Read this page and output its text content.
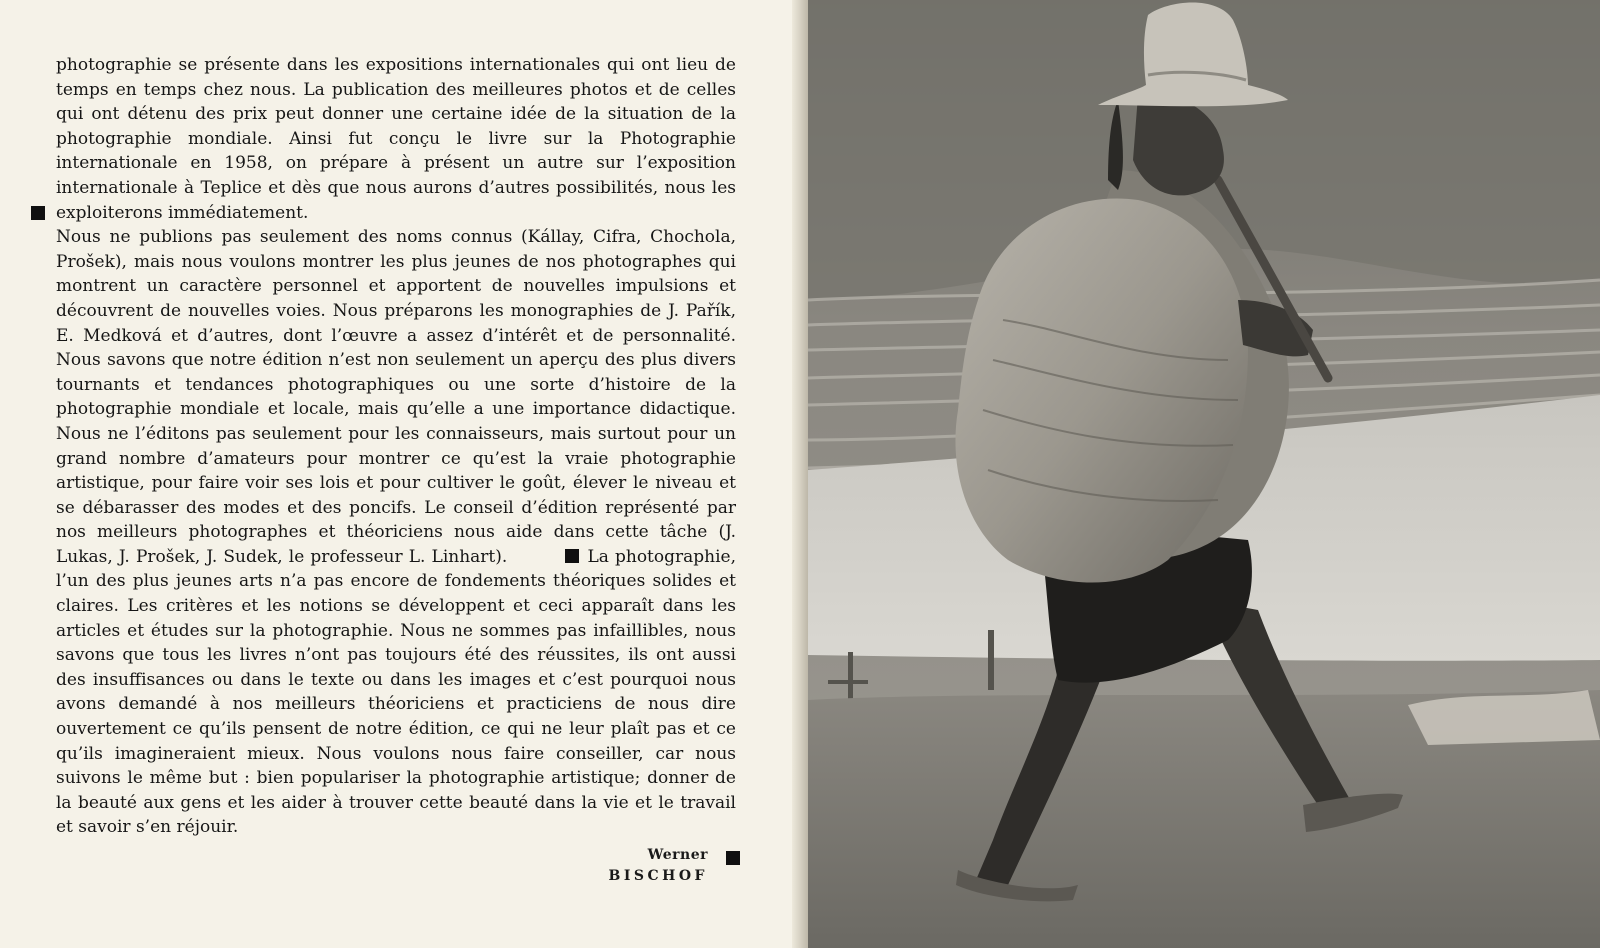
photographie se présente dans les expositions internationales qui ont lieu de temps en temps chez nous. La publication des meilleures photos et de celles qui ont détenu des prix peut donner une certaine idée de la situation de la photographie mondiale. Ainsi fut conçu le livre sur la Photographie internationale en 1958, on prépare à présent un autre sur l’exposition internationale à Teplice et dès que nous aurons d’autres possibilités, nous les exploiterons immédiatement.
Nous ne publions pas seulement des noms connus (Kállay, Cifra, Chochola, Prošek), mais nous voulons montrer les plus jeunes de nos photographes qui montrent un caractère personnel et apportent de nouvelles impulsions et découvrent de nouvelles voies. Nous préparons les monographies de J. Pařík, E. Medková et d’autres, dont l’œuvre a assez d’intérêt et de personnalité. Nous savons que notre édition n’est non seulement un aperçu des plus divers tournants et tendances photographiques ou une sorte d’histoire de la photographie mondiale et locale, mais qu’elle a une importance didactique. Nous ne l’éditons pas seulement pour les connaisseurs, mais surtout pour un grand nombre d’amateurs pour montrer ce qu’est la vraie photographie artistique, pour faire voir ses lois et pour cultiver le goût, élever le niveau et se débarasser des modes et des poncifs. Le conseil d’édition représenté par nos meilleurs photographes et théoriciens nous aide dans cette tâche (J. Lukas, J. Prošek, J. Sudek, le professeur L. Linhart).	La photographie, l’un des plus jeunes arts n’a pas encore de fondements théoriques solides et claires. Les critères et les notions se développent et ceci apparaît dans les articles et études sur la photographie. Nous ne sommes pas infaillibles, nous savons que tous les livres n’ont pas toujours été des réussites, ils ont aussi des insuffisances ou dans le texte ou dans les images et c’est pourquoi nous avons demandé à nos meilleurs théoriciens et practiciens de nous dire ouvertement ce qu’ils pensent de notre édition, ce qui ne leur plaît pas et ce qu’ils imagineraient mieux. Nous voulons nous faire conseiller, car nous suivons le même but : bien populariser la photographie artistique; donner de la beauté aux gens et les aider à trouver cette beauté dans la vie et le travail et savoir s’en réjouir.

Werner
BISCHOF
